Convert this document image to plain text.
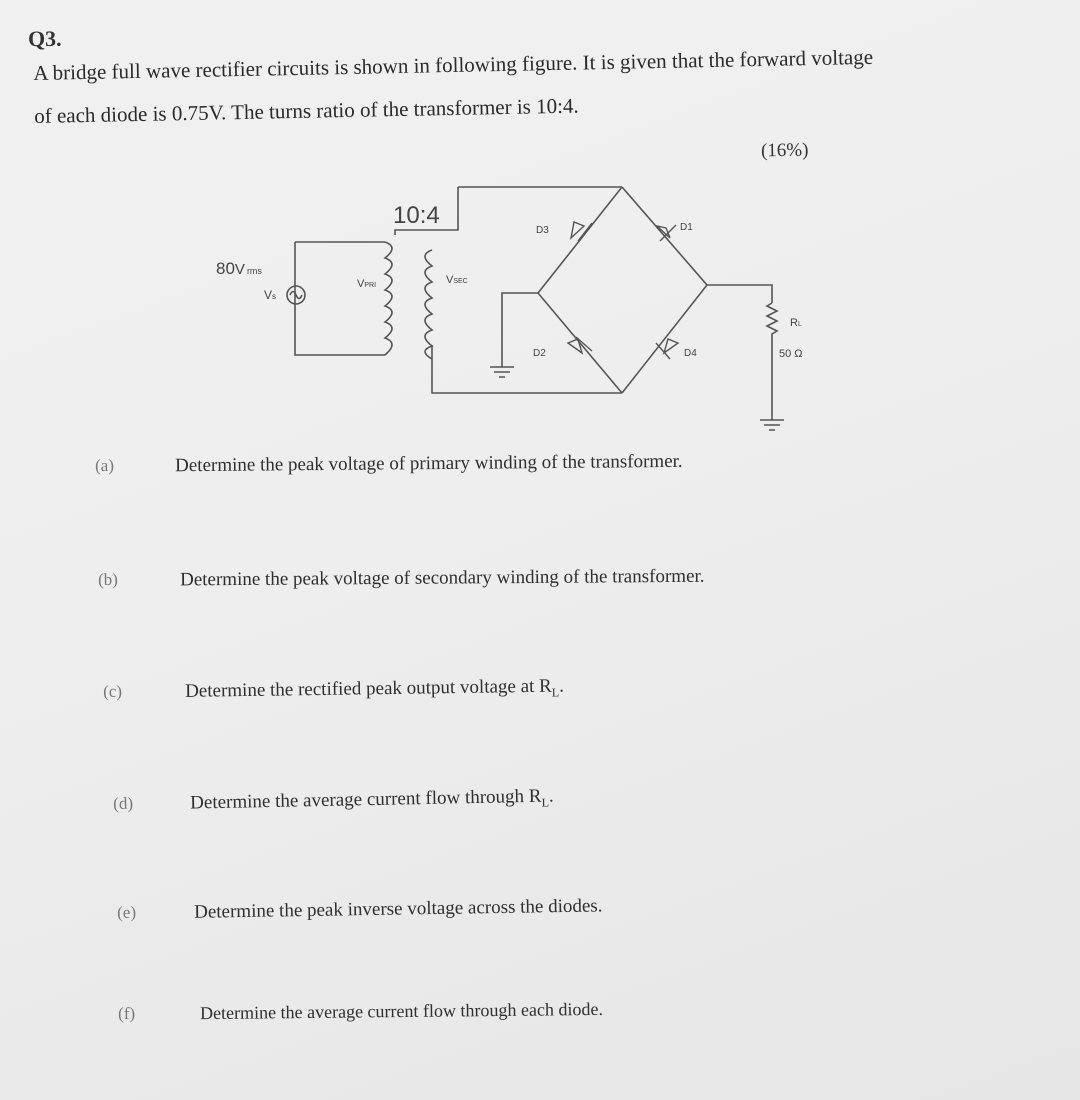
Q3.
A bridge full wave rectifier circuits is shown in following figure. It is given that the forward voltage
of each diode is 0.75V. The turns ratio of the transformer is 10:4.
(16%)
10:4
80V rms
Vs
VPRI	VSEC
D3	D1
D2	D4
RL
50 Ω
(a)	Determine the peak voltage of primary winding of the transformer.
(b)	Determine the peak voltage of secondary winding of the transformer.
(c)	Determine the rectified peak output voltage at $R_L$.
(d)	Determine the average current flow through $R_L$.
(e)	Determine the peak inverse voltage across the diodes.
(f)	Determine the average current flow through each diode.
